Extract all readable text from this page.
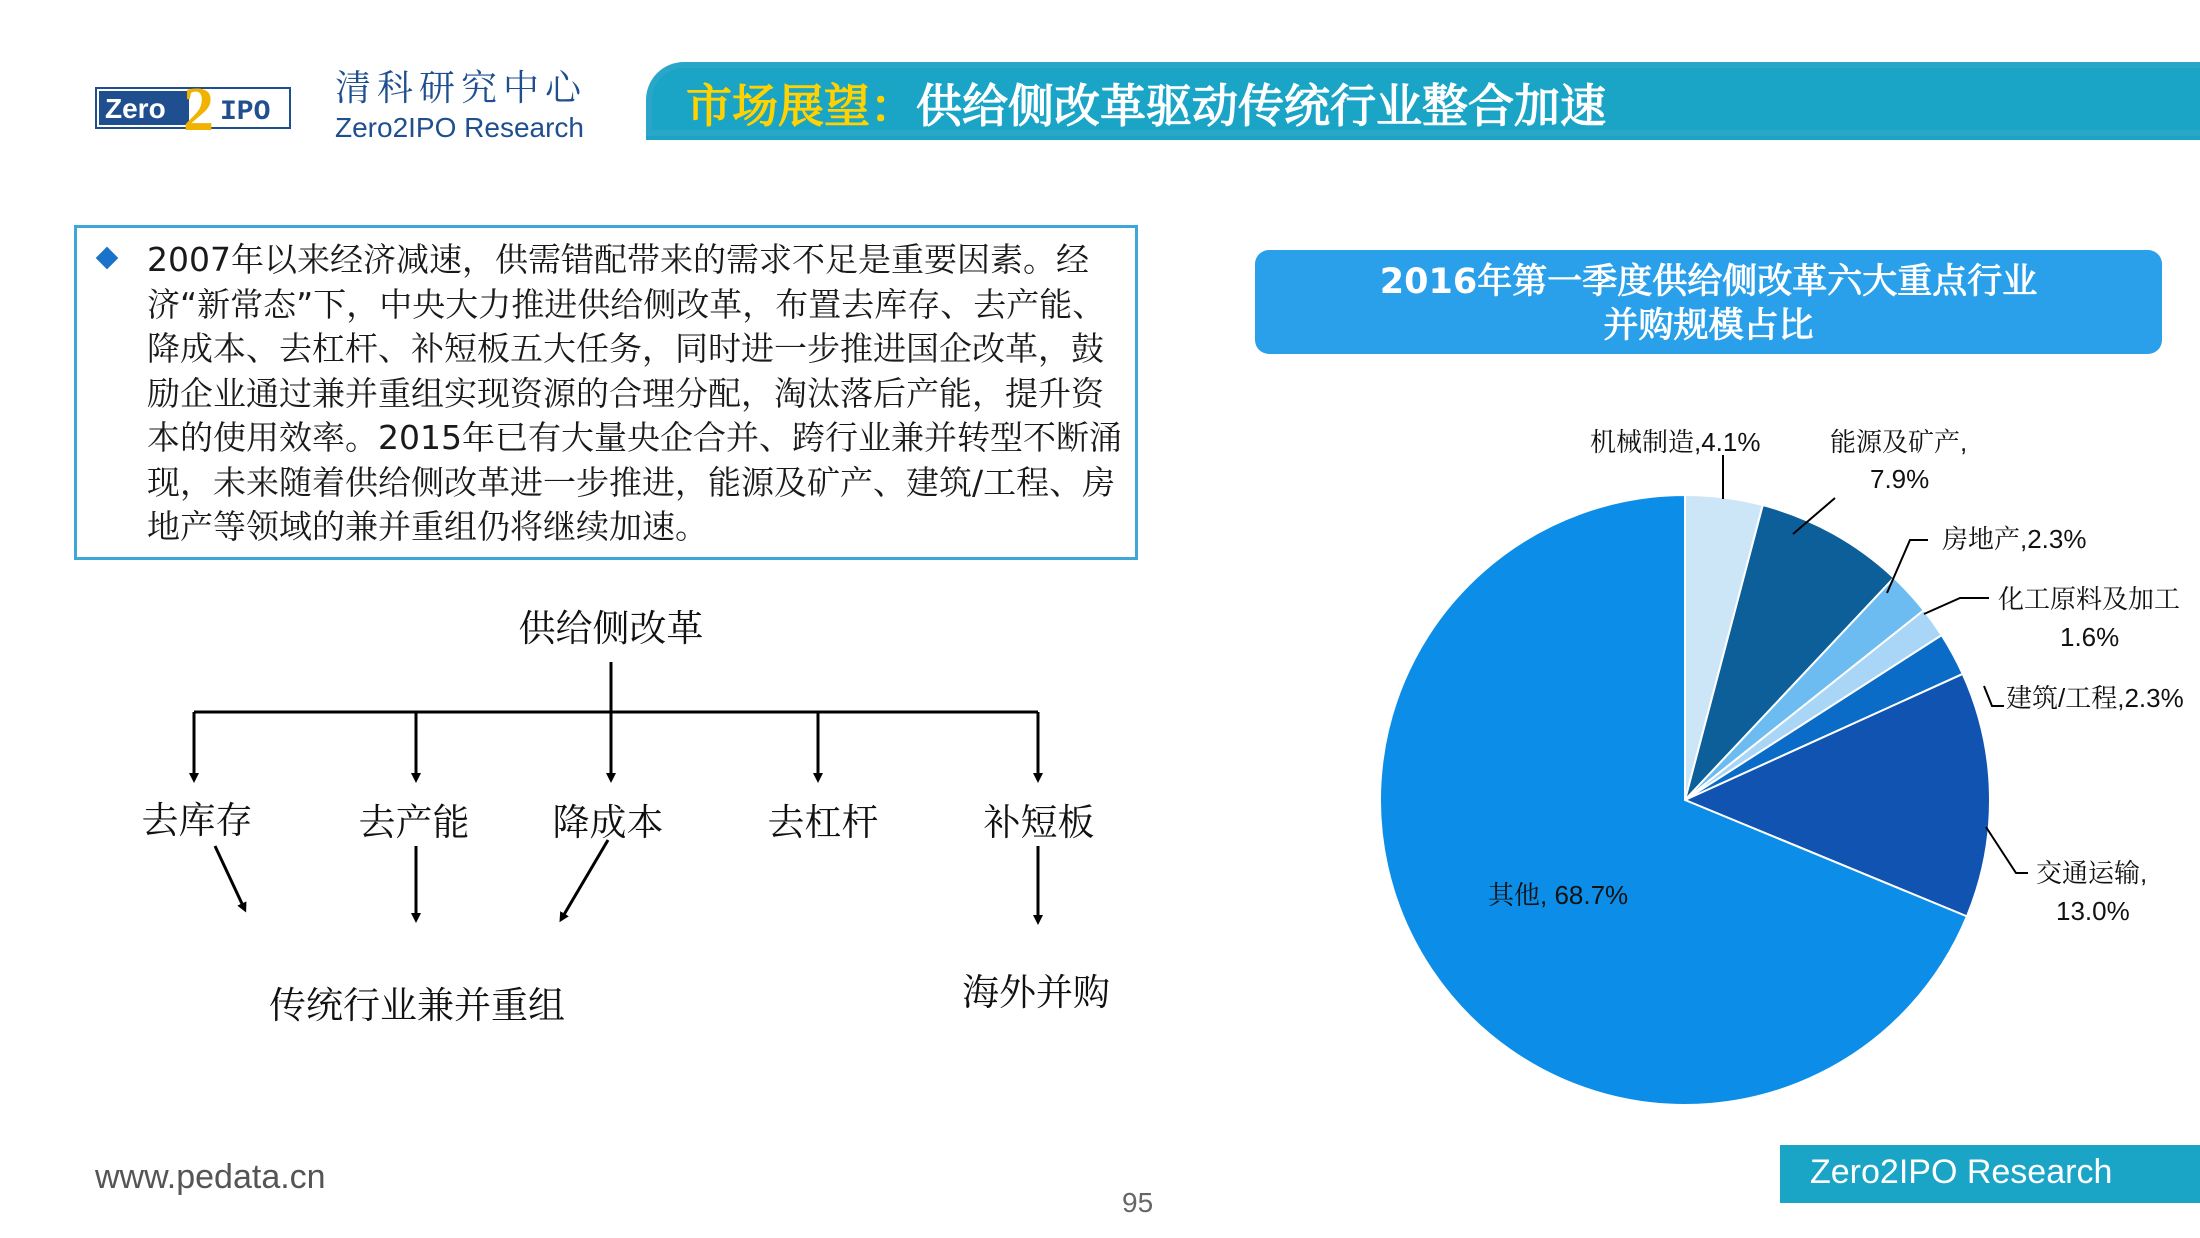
Zero 2 IPO
清科研究中心
Zero2IPO Research 市场展望：供给侧改革驱动传统行业整合加速
2007年以来经济减速，供需错配带来的需求不足是重要因素。经济“新常态”下，中央大力推进供给侧改革，布置去库存、去产能、降成本、去杠杆、补短板五大任务，同时进一步推进国企改革，鼓励企业通过兼并重组实现资源的合理分配，淘汰落后产能，提升资本的使用效率。2015年已有大量央企合并、跨行业兼并转型不断涌现，未来随着供给侧改革进一步推进，能源及矿产、建筑/工程、房地产等领域的兼并重组仍将继续加速。
供给侧改革
去库存	去产能 降成本	去杠杆	补短板
传统行业兼并重组	海外并购
2016年第一季度供给侧改革六大重点行业
并购规模占比
机械制造,4.1%	能源及矿产,
7.9%
房地产,2.3%
化工原料及加工
1.6%
建筑/工程,2.3%
交通运输,
13.0%
其他, 68.7%
www.pedata.cn
95
Zero2IPO Research
